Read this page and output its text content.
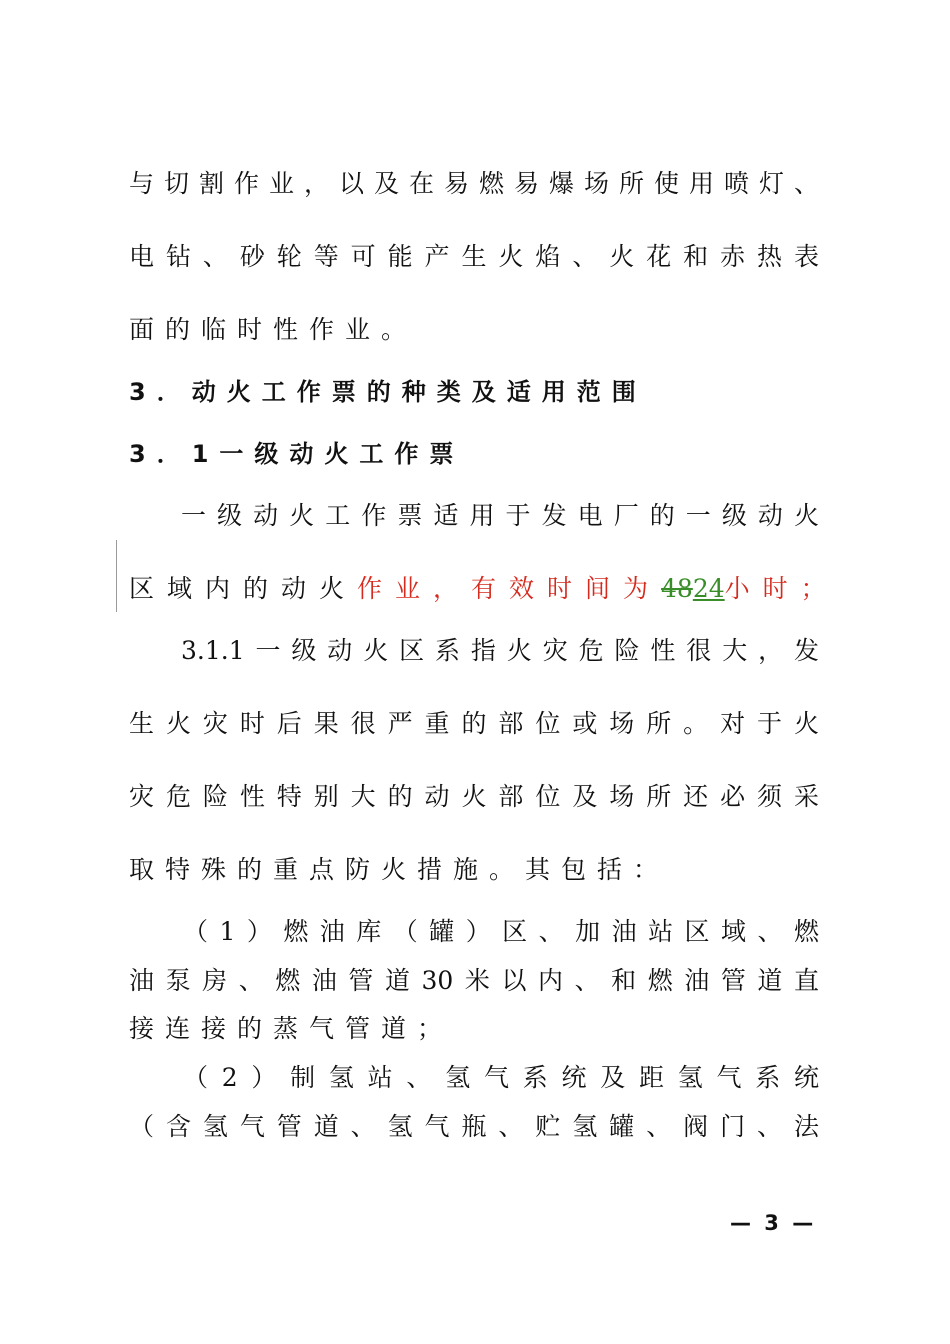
与切割作业，以及在易燃易爆场所使用喷灯、
电钻、砂轮等可能产生火焰、火花和赤热表
面的临时性作业。
3．动火工作票的种类及适用范围
3．1一级动火工作票
一级动火工作票适用于发电厂的一级动火
区域内的动火作业，有效时间为4824小时；
3.1.1一级动火区系指火灾危险性很大，发
生火灾时后果很严重的部位或场所。对于火
灾危险性特别大的动火部位及场所还必须采
取特殊的重点防火措施。其包括：
（1）燃油库（罐）区、加油站区域、燃
油泵房、燃油管道30米以内、和燃油管道直
接连接的蒸气管道；
（2）制氢站、氢气系统及距氢气系统
（含氢气管道、氢气瓶、贮氢罐、阀门、法
— 3 —
